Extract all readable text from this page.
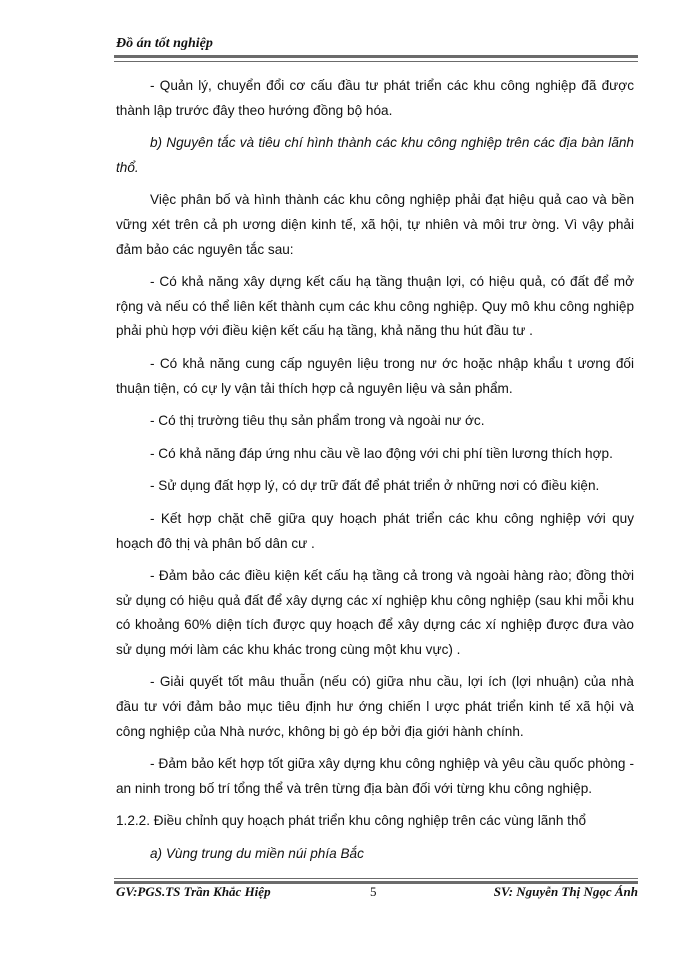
Đồ án tốt nghiệp

- Quản lý, chuyển đổi cơ cấu đầu tư phát triển các khu công nghiệp đã được thành lập trước đây theo hướng đồng bộ hóa.

b) Nguyên tắc và tiêu chí hình thành các khu công nghiệp trên các địa bàn lãnh thổ.

Việc phân bố và hình thành các khu công nghiệp phải đạt hiệu quả cao và bền vững xét trên cả ph ương diện kinh tế, xã hội, tự nhiên và môi trư ờng. Vì vậy phải đảm bảo các nguyên tắc sau:

- Có khả năng xây dựng kết cấu hạ tầng thuận lợi, có hiệu quả, có đất để mở rộng và nếu có thể liên kết thành cụm các khu công nghiệp. Quy mô khu công nghiệp phải phù hợp với điều kiện kết cấu hạ tầng, khả năng thu hút đầu tư .

- Có khả năng cung cấp nguyên liệu trong nư ớc hoặc nhập khẩu t ương đối thuận tiện, có cự ly vận tải thích hợp cả nguyên liệu và sản phẩm.

- Có thị trường tiêu thụ sản phẩm trong và ngoài nư ớc.

- Có khả năng đáp ứng nhu cầu về lao động với chi phí tiền lương thích hợp.

- Sử dụng đất hợp lý, có dự trữ đất để phát triển ở những nơi có điều kiện.

- Kết hợp chặt chẽ giữa quy hoạch phát triển các khu công nghiệp với quy hoạch đô thị và phân bố dân cư .

- Đảm bảo các điều kiện kết cấu hạ tầng cả trong và ngoài hàng rào; đồng thời sử dụng có hiệu quả đất để xây dựng các xí nghiệp khu công nghiệp (sau khi mỗi khu có khoảng 60% diện tích được quy hoạch để xây dựng các xí nghiệp được đưa vào sử dụng mới làm các khu khác trong cùng một khu vực) .

- Giải quyết tốt mâu thuẫn (nếu có) giữa nhu cầu, lợi ích (lợi nhuận) của nhà đầu tư với đảm bảo mục tiêu định hư ớng chiến l ược phát triển kinh tế xã hội và công nghiệp của Nhà nước, không bị gò ép bởi địa giới hành chính.

- Đảm bảo kết hợp tốt giữa xây dựng khu công nghiệp và yêu cầu quốc phòng - an ninh trong bố trí tổng thể và trên từng địa bàn đối với từng khu công nghiệp.

1.2.2. Điều chỉnh quy hoạch phát triển khu công nghiệp trên các vùng lãnh thổ

a) Vùng trung du miền núi phía Bắc

GV:PGS.TS Trần Khắc Hiệp	5	SV: Nguyễn Thị Ngọc Ánh
